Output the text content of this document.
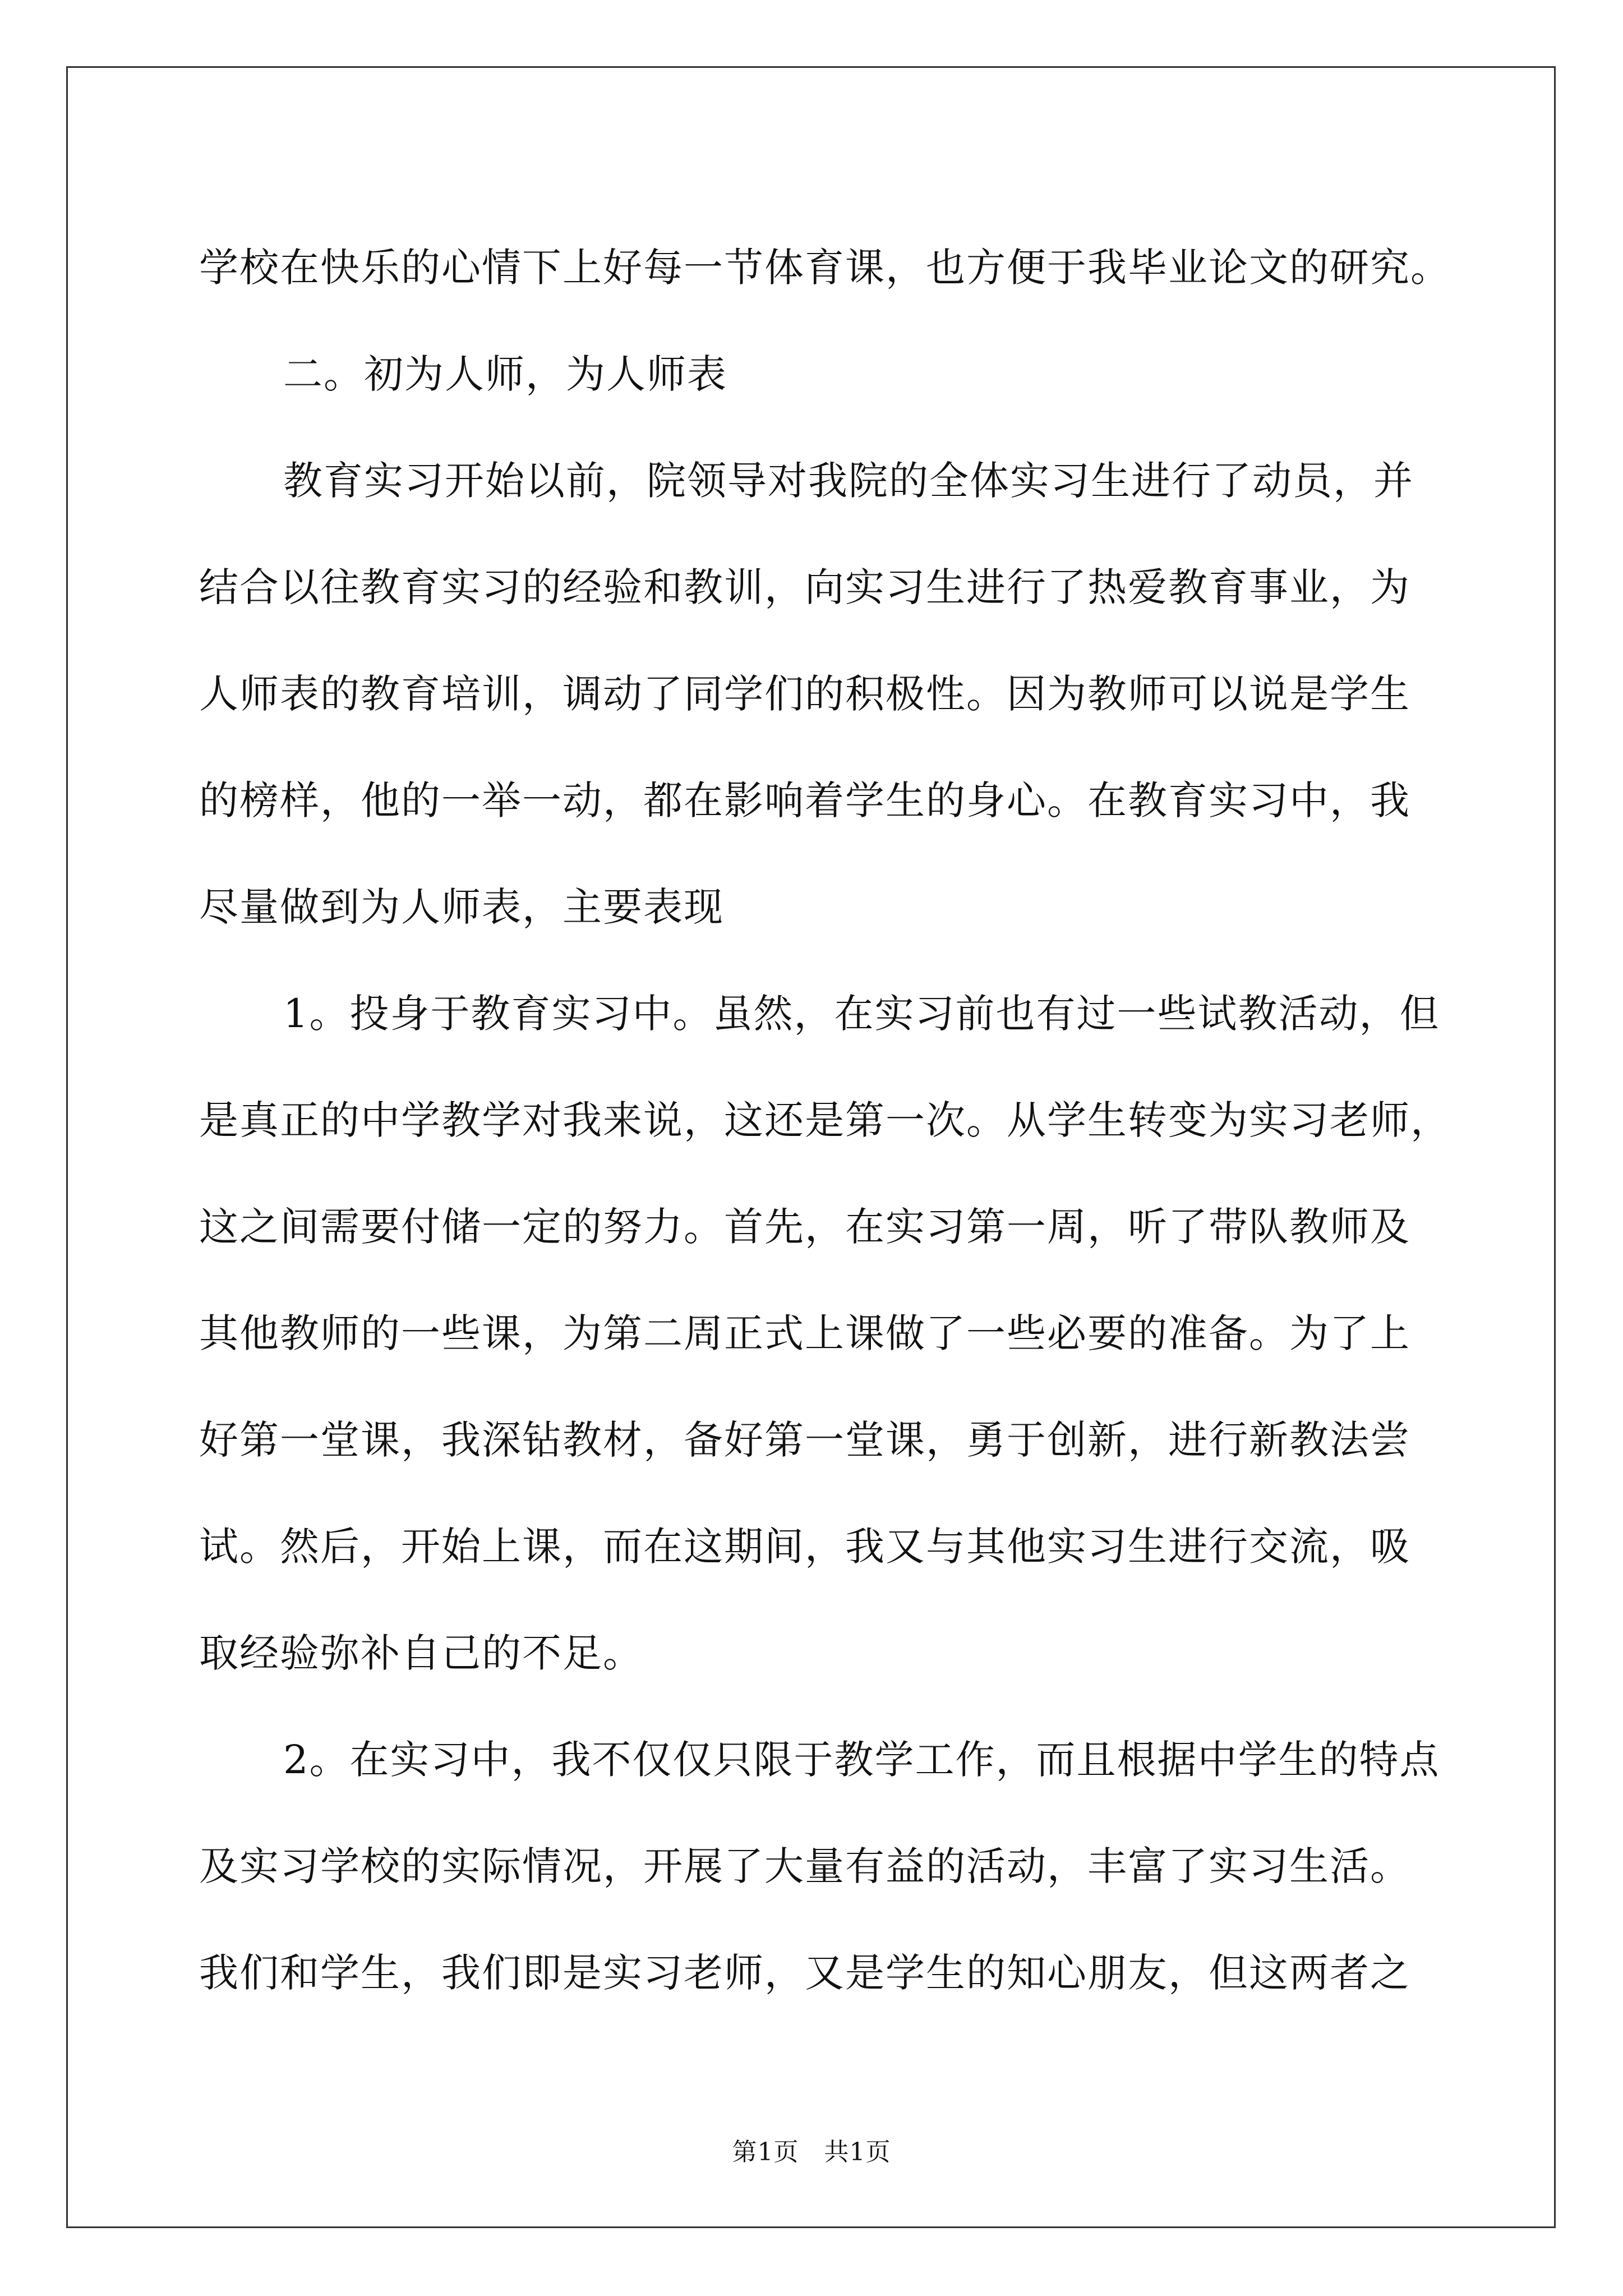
学校在快乐的心情下上好每一节体育课，也方便于我毕业论文的研究。
二。初为人师，为人师表
教育实习开始以前，院领导对我院的全体实习生进行了动员，并
结合以往教育实习的经验和教训，向实习生进行了热爱教育事业，为
人师表的教育培训，调动了同学们的积极性。因为教师可以说是学生
的榜样，他的一举一动，都在影响着学生的身心。在教育实习中，我
尽量做到为人师表，主要表现
1。投身于教育实习中。虽然，在实习前也有过一些试教活动，但
是真正的中学教学对我来说，这还是第一次。从学生转变为实习老师，
这之间需要付储一定的努力。首先，在实习第一周，听了带队教师及
其他教师的一些课，为第二周正式上课做了一些必要的准备。为了上
好第一堂课，我深钻教材，备好第一堂课，勇于创新，进行新教法尝
试。然后，开始上课，而在这期间，我又与其他实习生进行交流，吸
取经验弥补自己的不足。
2。在实习中，我不仅仅只限于教学工作，而且根据中学生的特点
及实习学校的实际情况，开展了大量有益的活动，丰富了实习生活。
我们和学生，我们即是实习老师，又是学生的知心朋友，但这两者之
第1页 共1页
